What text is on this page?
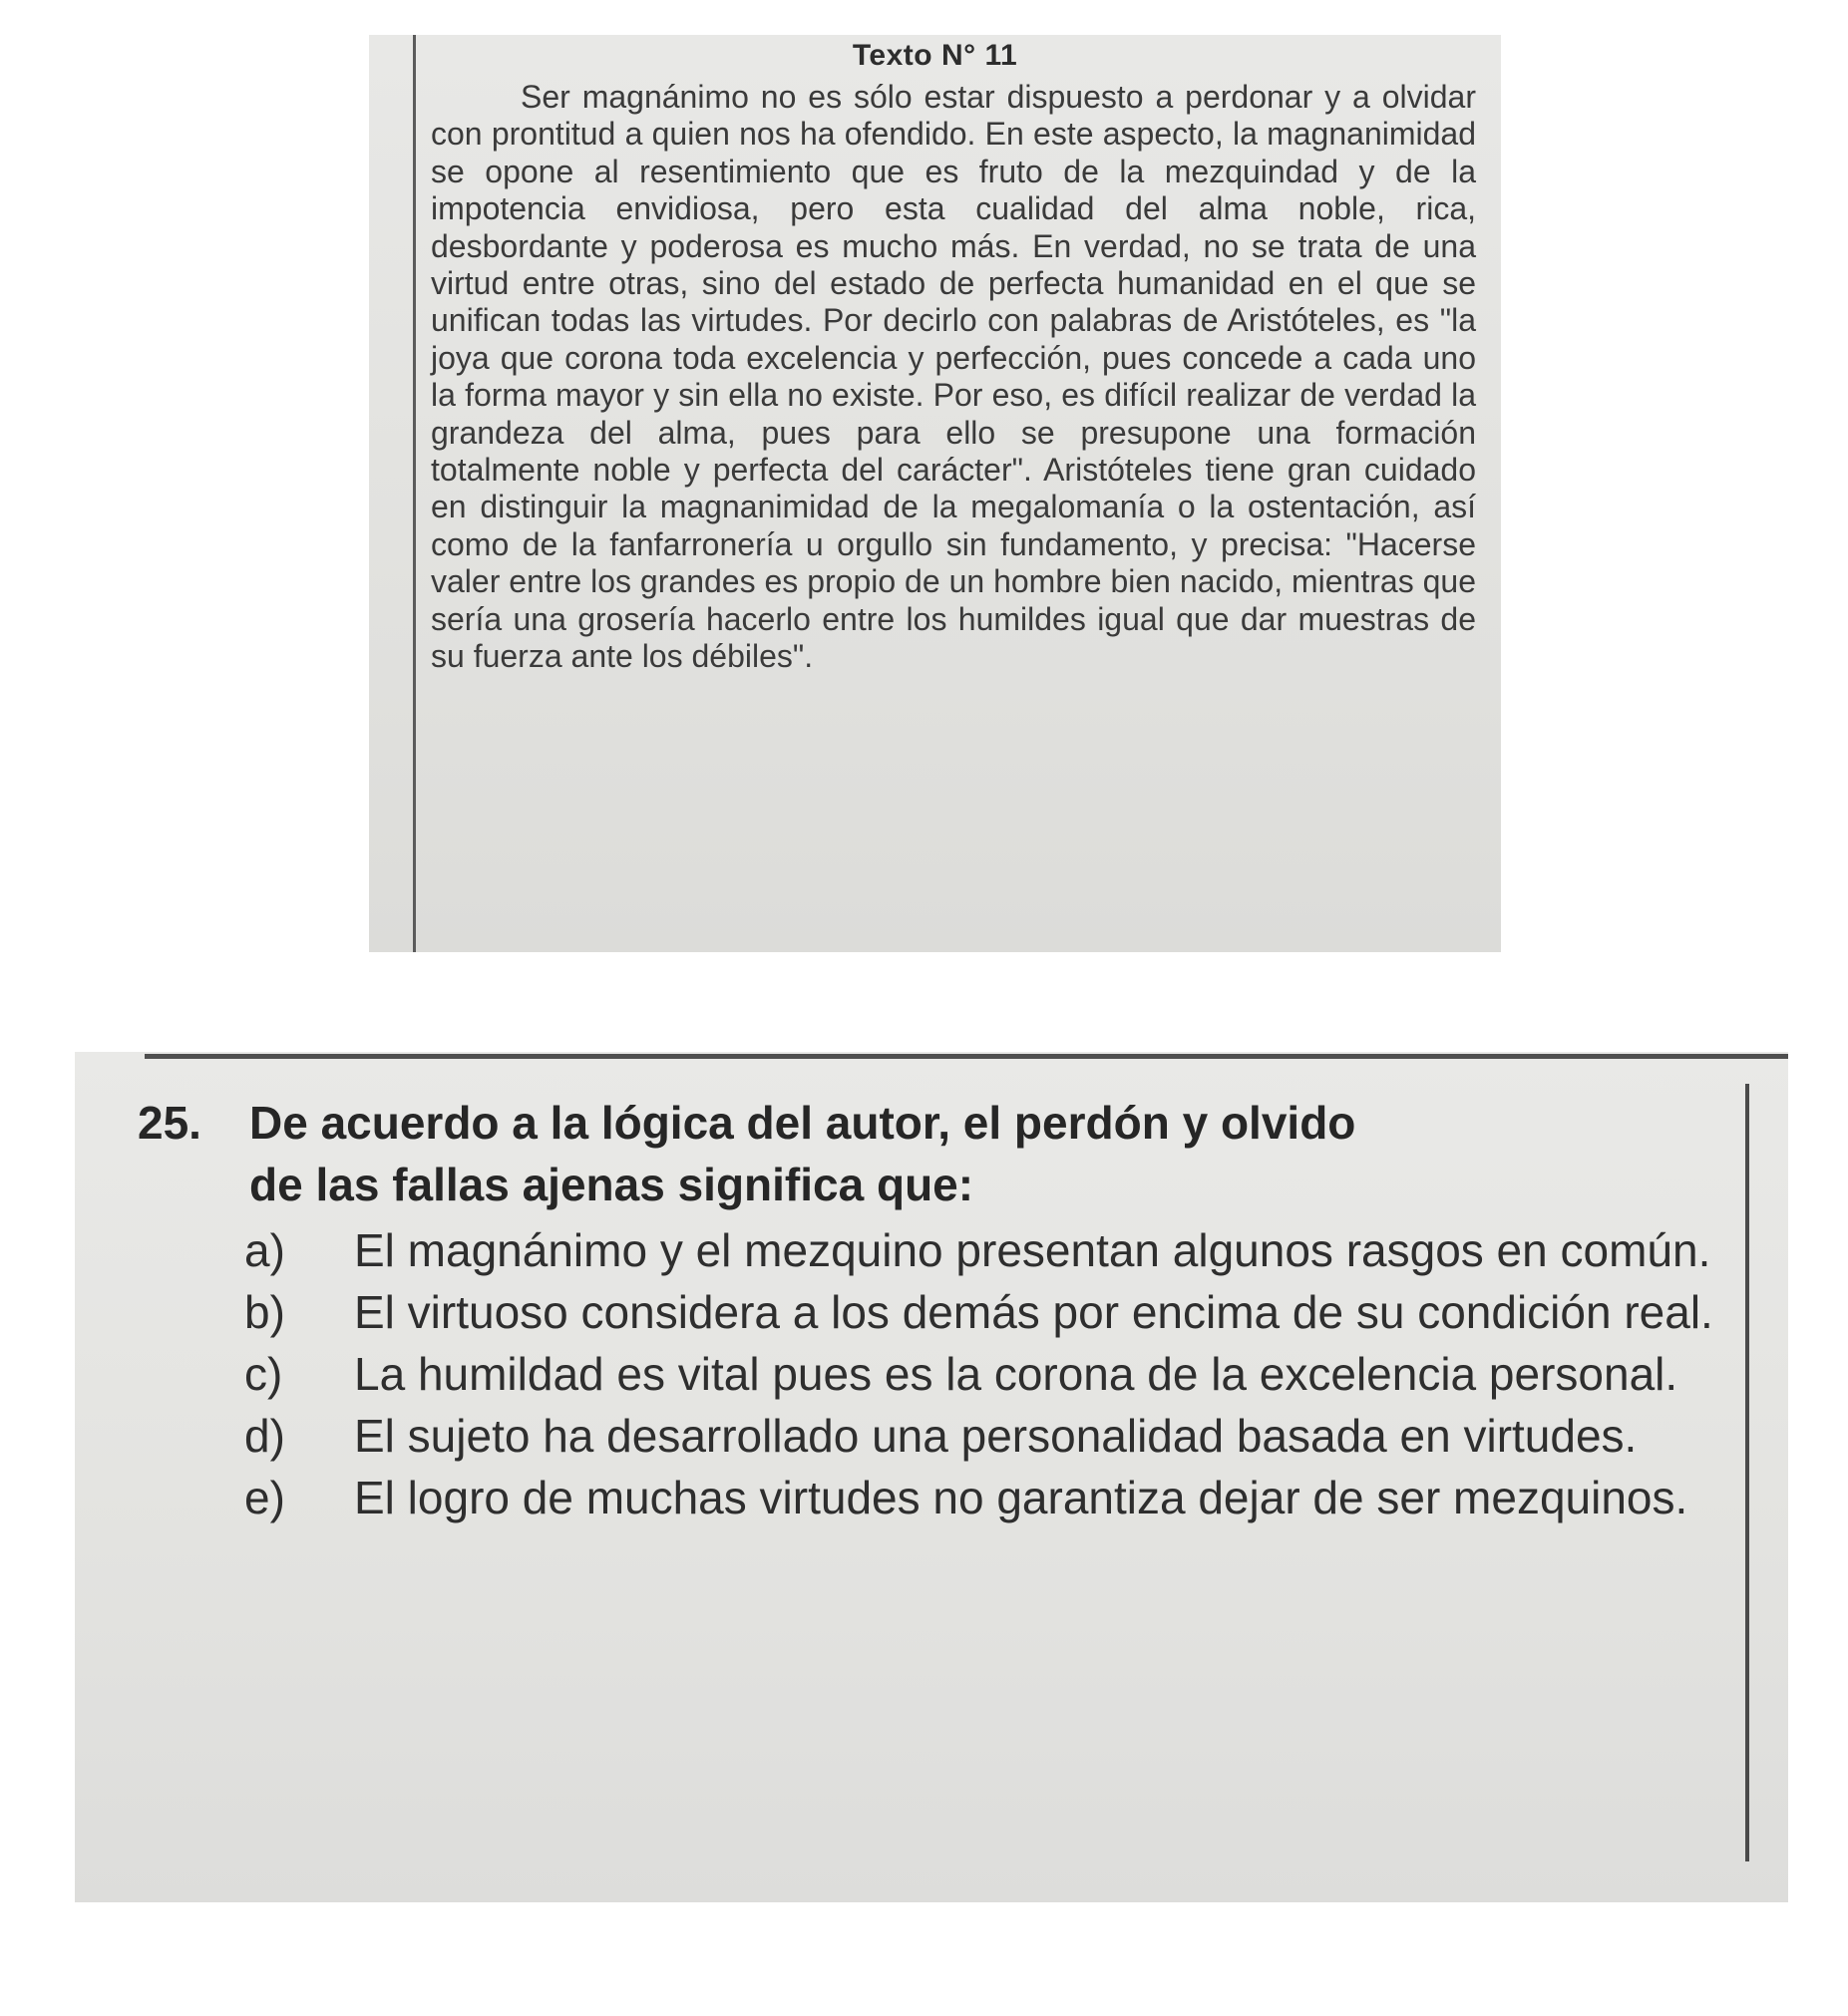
Texto N° 11

Ser magnánimo no es sólo estar dispuesto a perdonar y a olvidar con prontitud a quien nos ha ofendido. En este aspecto, la magnanimidad se opone al resentimiento que es fruto de la mezquindad y de la impotencia envidiosa, pero esta cualidad del alma noble, rica, desbordante y poderosa es mucho más. En verdad, no se trata de una virtud entre otras, sino del estado de perfecta humanidad en el que se unifican todas las virtudes. Por decirlo con palabras de Aristóteles, es "la joya que corona toda excelencia y perfección, pues concede a cada uno la forma mayor y sin ella no existe. Por eso, es difícil realizar de verdad la grandeza del alma, pues para ello se presupone una formación totalmente noble y perfecta del carácter". Aristóteles tiene gran cuidado en distinguir la magnanimidad de la megalomanía o la ostentación, así como de la fanfarronería u orgullo sin fundamento, y precisa: "Hacerse valer entre los grandes es propio de un hombre bien nacido, mientras que sería una grosería hacerlo entre los humildes igual que dar muestras de su fuerza ante los débiles".

25. De acuerdo a la lógica del autor, el perdón y olvido
de las fallas ajenas significa que:

a)	El magnánimo y el mezquino presentan algunos rasgos en común.
b)	El virtuoso considera a los demás por encima de su condición real.
c)	La humildad es vital pues es la corona de la excelencia personal.
d)	El sujeto ha desarrollado una personalidad basada en virtudes.
e)	El logro de muchas virtudes no garantiza dejar de ser mezquinos.
